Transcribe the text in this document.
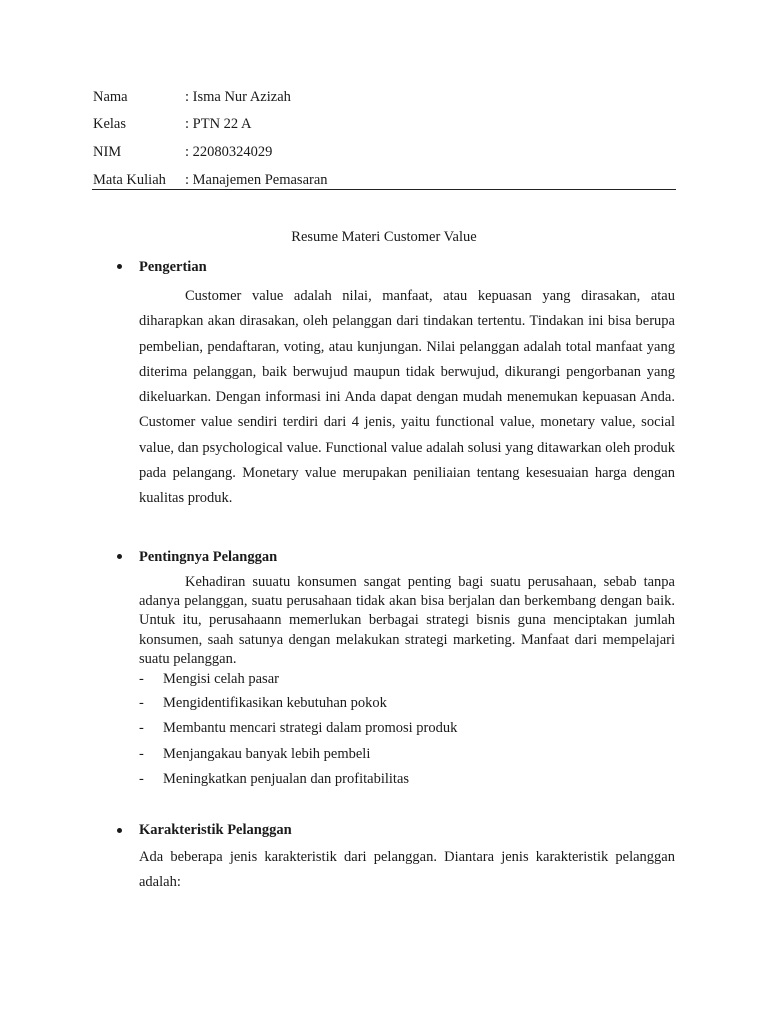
Nama	: Isma Nur Azizah
Kelas	: PTN 22 A
NIM	: 22080324029
Mata Kuliah : Manajemen Pemasaran
Resume Materi Customer Value
Pengertian

Customer value adalah nilai, manfaat, atau kepuasan yang dirasakan, atau diharapkan akan dirasakan, oleh pelanggan dari tindakan tertentu. Tindakan ini bisa berupa pembelian, pendaftaran, voting, atau kunjungan. Nilai pelanggan adalah total manfaat yang diterima pelanggan, baik berwujud maupun tidak berwujud, dikurangi pengorbanan yang dikeluarkan. Dengan informasi ini Anda dapat dengan mudah menemukan kepuasan Anda. Customer value sendiri terdiri dari 4 jenis, yaitu functional value, monetary value, social value, dan psychological value. Functional value adalah solusi yang ditawarkan oleh produk pada pelangang. Monetary value merupakan peniliaian tentang kesesuaian harga dengan kualitas produk.

Pentingnya Pelanggan

Kehadiran suuatu konsumen sangat penting bagi suatu perusahaan, sebab tanpa adanya pelanggan, suatu perusahaan tidak akan bisa berjalan dan berkembang dengan baik. Untuk itu, perusahaann memerlukan berbagai strategi bisnis guna menciptakan jumlah konsumen, saah satunya dengan melakukan strategi marketing. Manfaat dari mempelajari suatu pelanggan.

- Mengisi celah pasar
- Mengidentifikasikan kebutuhan pokok
- Membantu mencari strategi dalam promosi produk
- Menjangakau banyak lebih pembeli
- Meningkatkan penjualan dan profitabilitas
Karakteristik Pelanggan

Ada beberapa jenis karakteristik dari pelanggan. Diantara jenis karakteristik pelanggan adalah:
